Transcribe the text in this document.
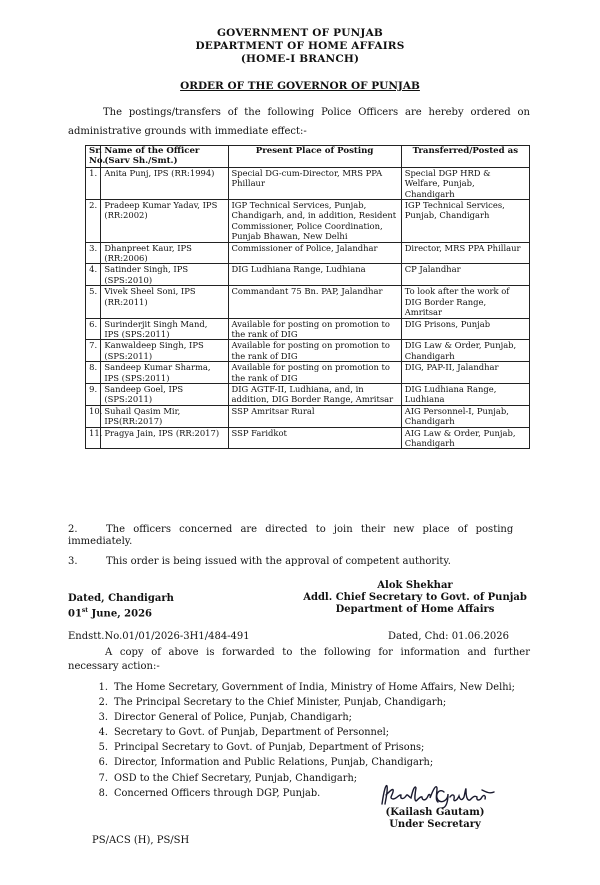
GOVERNMENT OF PUNJAB
DEPARTMENT OF HOME AFFAIRS
(HOME-I BRANCH)
ORDER OF THE GOVERNOR OF PUNJAB
The postings/transfers of the following Police Officers are hereby ordered on administrative grounds with immediate effect:-
Sr. No.	Name of the Officer (Sarv Sh./Smt.)	Present Place of Posting	Transferred/Posted as
1.	Anita Punj, IPS (RR:1994)	Special DG-cum-Director, MRS PPA Phillaur	Special DGP HRD & Welfare, Punjab, Chandigarh
2.	Pradeep Kumar Yadav, IPS (RR:2002)	IGP Technical Services, Punjab, Chandigarh, and, in addition, Resident Commissioner, Police Coordination, Punjab Bhawan, New Delhi	IGP Technical Services, Punjab, Chandigarh
3.	Dhanpreet Kaur, IPS (RR:2006)	Commissioner of Police, Jalandhar	Director, MRS PPA Phillaur
4.	Satinder Singh, IPS (SPS:2010)	DIG Ludhiana Range, Ludhiana	CP Jalandhar
5.	Vivek Sheel Soni, IPS (RR:2011)	Commandant 75 Bn. PAP, Jalandhar	To look after the work of DIG Border Range, Amritsar
6.	Surinderjit Singh Mand, IPS (SPS:2011)	Available for posting on promotion to the rank of DIG	DIG Prisons, Punjab
7.	Kanwaldeep Singh, IPS (SPS:2011)	Available for posting on promotion to the rank of DIG	DIG Law & Order, Punjab, Chandigarh
8.	Sandeep Kumar Sharma, IPS (SPS:2011)	Available for posting on promotion to the rank of DIG	DIG, PAP-II, Jalandhar
9.	Sandeep Goel, IPS (SPS:2011)	DIG AGTF-II, Ludhiana, and, in addition, DIG Border Range, Amritsar	DIG Ludhiana Range, Ludhiana
10.	Suhail Qasim Mir, IPS(RR:2017)	SSP Amritsar Rural	AIG Personnel-I, Punjab, Chandigarh
11.	Pragya Jain, IPS (RR:2017)	SSP Faridkot	AIG Law & Order, Punjab, Chandigarh
2.	The officers concerned are directed to join their new place of posting immediately.
3.	This order is being issued with the approval of competent authority.
Alok Shekhar
Addl. Chief Secretary to Govt. of Punjab
Department of Home Affairs
Dated, Chandigarh
01st June, 2026
Endstt.No.01/01/2026-3H1/484-491	Dated, Chd: 01.06.2026
A copy of above is forwarded to the following for information and further necessary action:-
1. The Home Secretary, Government of India, Ministry of Home Affairs, New Delhi;
2. The Principal Secretary to the Chief Minister, Punjab, Chandigarh;
3. Director General of Police, Punjab, Chandigarh;
4. Secretary to Govt. of Punjab, Department of Personnel;
5. Principal Secretary to Govt. of Punjab, Department of Prisons;
6. Director, Information and Public Relations, Punjab, Chandigarh;
7. OSD to the Chief Secretary, Punjab, Chandigarh;
8. Concerned Officers through DGP, Punjab.
(Kailash Gautam)
Under Secretary
PS/ACS (H), PS/SH
